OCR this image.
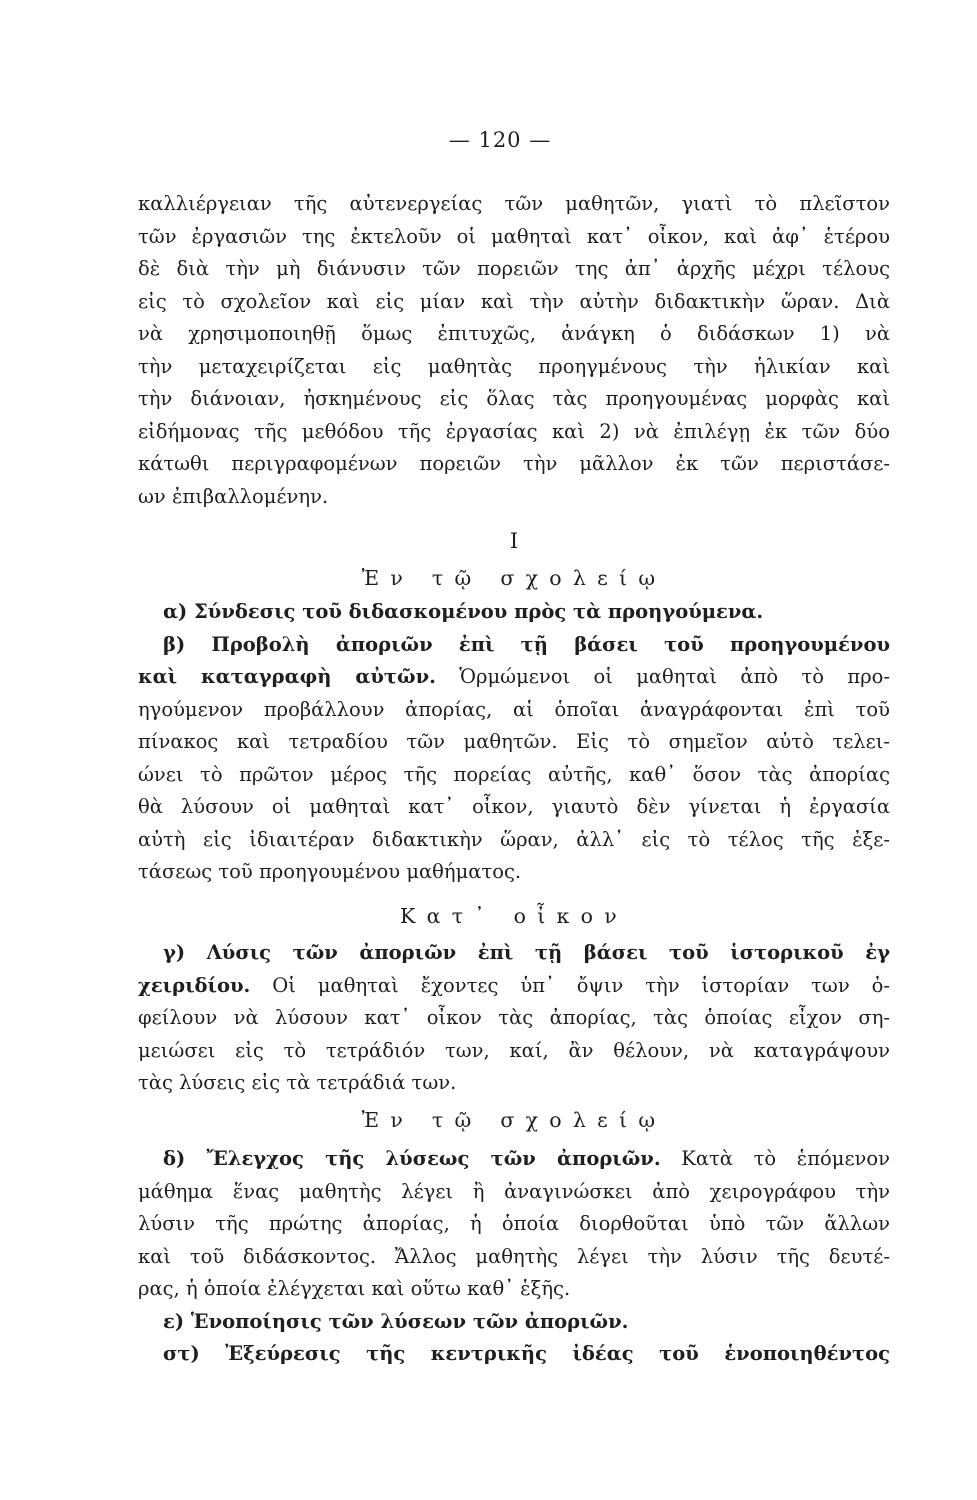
— 120 —
καλλιέργειαν τῆς αὐτενεργείας τῶν μαθητῶν, γιατὶ τὸ πλεῖστον
τῶν ἐργασιῶν της ἐκτελοῦν οἱ μαθηταὶ κατ᾽ οἶκον, καὶ ἀφ᾽ ἑτέρου
δὲ διὰ τὴν μὴ διάνυσιν τῶν πορειῶν της ἀπ᾽ ἀρχῆς μέχρι τέλους
εἰς τὸ σχολεῖον καὶ εἰς μίαν καὶ τὴν αὐτὴν διδακτικὴν ὥραν. Διὰ
νὰ χρησιμοποιηθῇ ὅμως ἐπιτυχῶς, ἀνάγκη ὁ διδάσκων 1) νὰ
τὴν μεταχειρίζεται εἰς μαθητὰς προηγμένους τὴν ἡλικίαν καὶ
τὴν διάνοιαν, ἠσκημένους εἰς ὅλας τὰς προηγουμένας μορφὰς καὶ
εἰδήμονας τῆς μεθόδου τῆς ἐργασίας καὶ 2) νὰ ἐπιλέγῃ ἐκ τῶν δύο
κάτωθι περιγραφομένων πορειῶν τὴν μᾶλλον ἐκ τῶν περιστάσε-
ων ἐπιβαλλομένην.
Ι
Ἐν τῷ σχολείῳ
α) Σύνδεσις τοῦ διδασκομένου πρὸς τὰ προηγούμενα.
β) Προβολὴ ἀποριῶν ἐπὶ τῇ βάσει τοῦ προηγουμένου
καὶ καταγραφὴ αὐτῶν. Ὁρμώμενοι οἱ μαθηταὶ ἀπὸ τὸ προ-
ηγούμενον προβάλλουν ἀπορίας, αἱ ὁποῖαι ἀναγράφονται ἐπὶ τοῦ
πίνακος καὶ τετραδίου τῶν μαθητῶν. Εἰς τὸ σημεῖον αὐτὸ τελει-
ώνει τὸ πρῶτον μέρος τῆς πορείας αὐτῆς, καθ᾽ ὅσον τὰς ἀπορίας
θὰ λύσουν οἱ μαθηταὶ κατ᾽ οἶκον, γιαυτὸ δὲν γίνεται ἡ ἐργασία
αὐτὴ εἰς ἰδιαιτέραν διδακτικὴν ὥραν, ἀλλ᾽ εἰς τὸ τέλος τῆς ἐξε-
τάσεως τοῦ προηγουμένου μαθήματος.
Κατ᾽ οἶκον
γ) Λύσις τῶν ἀποριῶν ἐπὶ τῇ βάσει τοῦ ἱστορικοῦ ἐγ
χειριδίου. Οἱ μαθηταὶ ἔχοντες ὑπ᾽ ὄψιν τὴν ἱστορίαν των ὀ-
φείλουν νὰ λύσουν κατ᾽ οἶκον τὰς ἀπορίας, τὰς ὁποίας εἶχον ση-
μειώσει εἰς τὸ τετράδιόν των, καί, ἂν θέλουν, νὰ καταγράψουν
τὰς λύσεις εἰς τὰ τετράδιά των.
Ἐν τῷ σχολείῳ
δ) Ἔλεγχος τῆς λύσεως τῶν ἀποριῶν. Κατὰ τὸ ἑπόμενον
μάθημα ἕνας μαθητὴς λέγει ἢ ἀναγινώσκει ἀπὸ χειρογράφου τὴν
λύσιν τῆς πρώτης ἀπορίας, ἡ ὁποία διορθοῦται ὑπὸ τῶν ἄλλων
καὶ τοῦ διδάσκοντος. Ἄλλος μαθητὴς λέγει τὴν λύσιν τῆς δευτέ-
ρας, ἡ ὁποία ἐλέγχεται καὶ οὕτω καθ᾽ ἑξῆς.
ε) Ἑνοποίησις τῶν λύσεων τῶν ἀποριῶν.
στ) Ἐξεύρεσις τῆς κεντρικῆς ἰδέας τοῦ ἑνοποιηθέντος
